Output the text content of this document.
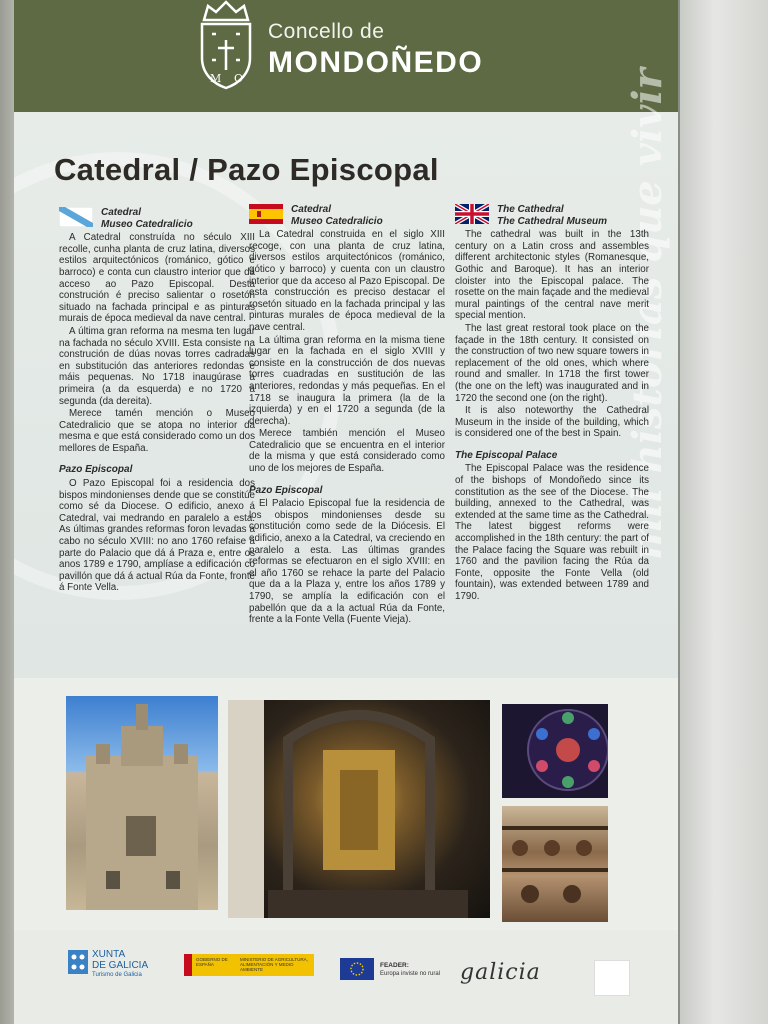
M O
Concello de
MONDOÑEDO
mil historias que vivir
Catedral / Pazo Episcopal
Catedral
Museo Catedralicio

A Catedral construída no século XIII recolle, cunha planta de cruz latina, diversos estilos arquitectónicos (románico, gótico e barroco) e conta cun claustro interior que dá acceso ao Pazo Episcopal. Desta construción é preciso salientar o rosetón situado na fachada principal e as pinturas murais de época medieval da nave central.

A última gran reforma na mesma ten lugar na fachada no século XVIII. Esta consiste na construción de dúas novas torres cadradas en substitución das anteriores redondas e máis pequenas. No 1718 inaugúrase a primeira (a da esquerda) e no 1720 a segunda (da dereita).

Merece tamén mención o Museo Catedralicio que se atopa no interior da mesma e que está considerado como un dos mellores de España.

Pazo Episcopal

O Pazo Episcopal foi a residencia dos bispos mindonienses dende que se constitúe como sé da Diocese. O edificio, anexo á Catedral, vai medrando en paralelo a esta. As últimas grandes reformas foron levadas a cabo no século XVIII: no ano 1760 refaise a parte do Palacio que dá á Praza e, entre os anos 1789 e 1790, amplíase a edificación co pavillón que dá á actual Rúa da Fonte, fronte á Fonte Vella.

Catedral
Museo Catedralicio

La Catedral construida en el siglo XIII recoge, con una planta de cruz latina, diversos estilos arquitectónicos (románico, gótico y barroco) y cuenta con un claustro interior que da acceso al Pazo Episcopal. De esta construcción es preciso destacar el rosetón situado en la fachada principal y las pinturas murales de época medieval de la nave central.

La última gran reforma en la misma tiene lugar en la fachada en el siglo XVIII y consiste en la construcción de dos nuevas torres cuadradas en sustitución de las anteriores, redondas y más pequeñas. En el 1718 se inaugura la primera (la de la izquierda) y en el 1720 a segunda (de la derecha).

Merece también mención el Museo Catedralicio que se encuentra en el interior de la misma y que está considerado como uno de los mejores de España.

Pazo Episcopal

El Palacio Episcopal fue la residencia de los obispos mindonienses desde su constitución como sede de la Diócesis. El edificio, anexo a la Catedral, va creciendo en paralelo a esta. Las últimas grandes reformas se efectuaron en el siglo XVIII: en el año 1760 se rehace la parte del Palacio que da a la Plaza y, entre los años 1789 y 1790, se amplía la edificación con el pabellón que da a la actual Rúa da Fonte, frente a la Fonte Vella (Fuente Vieja).

The Cathedral
The Cathedral Museum

The cathedral was built in the 13th century on a Latin cross and assembles different architectonic styles (Romanesque, Gothic and Baroque). It has an interior cloister into the Episcopal palace. The rosette on the main façade and the medieval mural paintings of the central nave merit special mention.

The last great restoral took place on the façade in the 18th century. It consisted on the construction of two new square towers in replacement of the old ones, which where round and smaller. In 1718 the first tower (the one on the left) was inaugurated and in 1720 the second one (on the right).

It is also noteworthy the Cathedral Museum in the inside of the building, which is considered one of the best in Spain.

The Episcopal Palace

The Episcopal Palace was the residence of the bishops of Mondoñedo since its constitution as the see of the Diocese. The building, annexed to the Cathedral, was extended at the same time as the Cathedral. The latest biggest reforms were accomplished in the 18th century: the part of the Palace facing the Square was rebuilt in 1760 and the pavilion facing the Rúa da Fonte, opposite the Fonte Vella (old fountain), was extended between 1789 and 1790.

XUNTA
DE GALICIA
Turismo de Galicia
GOBIERNO DE ESPAÑA
MINISTERIO DE AGRICULTURA, ALIMENTACIÓN Y MEDIO AMBIENTE
FEADER:
Europa inviste no rural galicia
